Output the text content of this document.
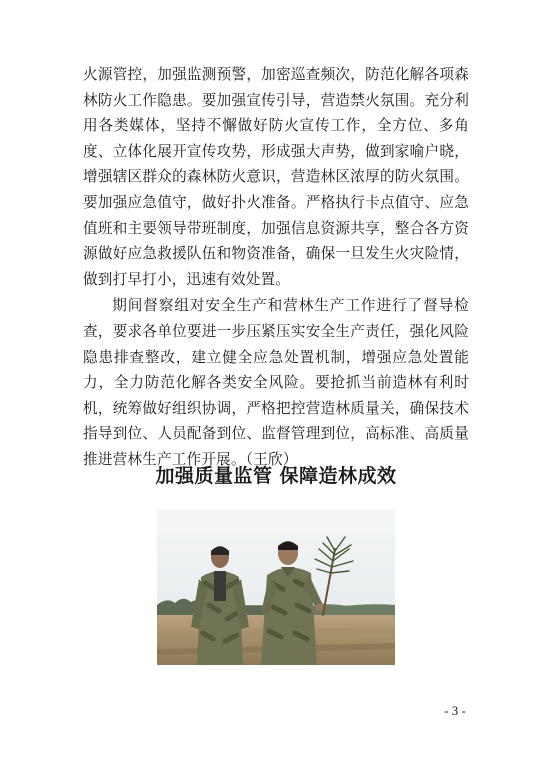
火源管控，加强监测预警，加密巡查频次，防范化解各项森林防火工作隐患。要加强宣传引导，营造禁火氛围。充分利用各类媒体，坚持不懈做好防火宣传工作，全方位、多角度、立体化展开宣传攻势，形成强大声势，做到家喻户晓，增强辖区群众的森林防火意识，营造林区浓厚的防火氛围。要加强应急值守，做好扑火准备。严格执行卡点值守、应急值班和主要领导带班制度，加强信息资源共享，整合各方资源做好应急救援队伍和物资准备，确保一旦发生火灾险情，做到打早打小，迅速有效处置。

期间督察组对安全生产和营林生产工作进行了督导检查，要求各单位要进一步压紧压实安全生产责任，强化风险隐患排查整改，建立健全应急处置机制，增强应急处置能力，全力防范化解各类安全风险。要抢抓当前造林有利时机，统筹做好组织协调，严格把控营造林质量关，确保技术指导到位、人员配备到位、监督管理到位，高标准、高质量推进营林生产工作开展。（王欣）

加强质量监管 保障造林成效
- 3 -
